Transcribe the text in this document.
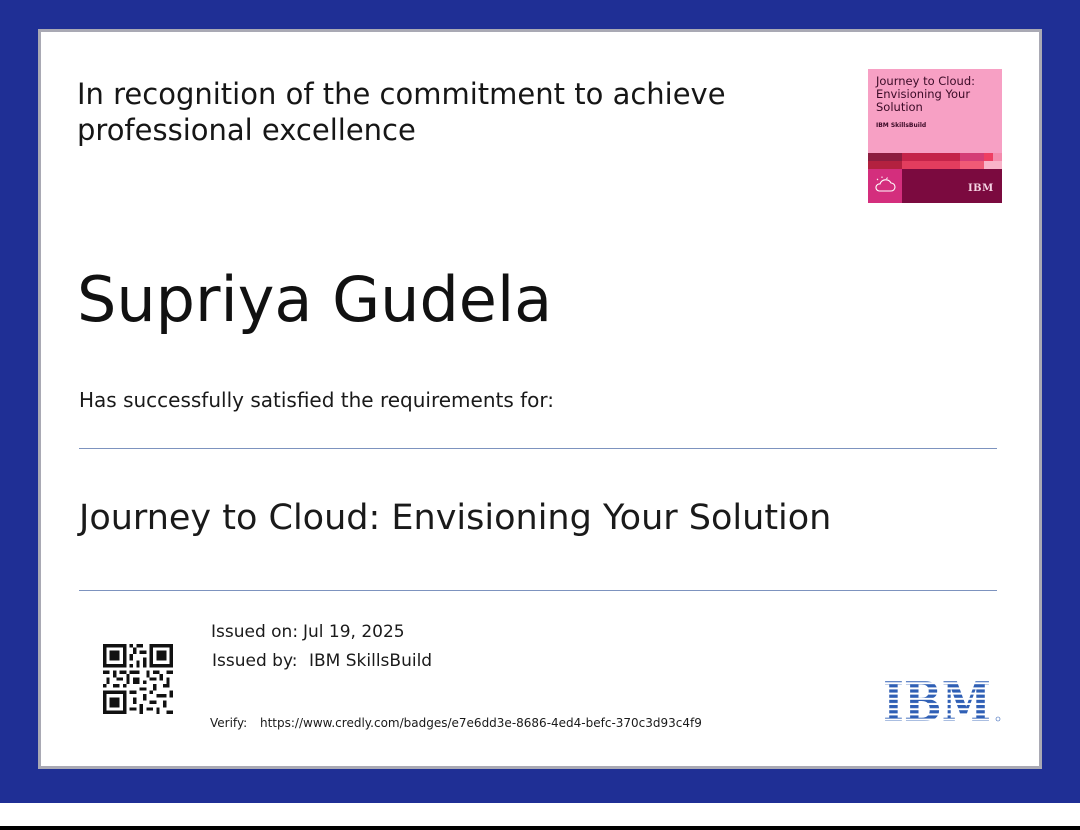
In recognition of the commitment to achieve professional excellence
Journey to Cloud: Envisioning Your Solution
IBM SkillsBuild
IBM
Supriya Gudela
Has successfully satisfied the requirements for:
Journey to Cloud: Envisioning Your Solution
Issued on: Jul 19, 2025
Issued by: IBM SkillsBuild
Verify: https://www.credly.com/badges/e7e6dd3e-8686-4ed4-befc-370c3d93c4f9
